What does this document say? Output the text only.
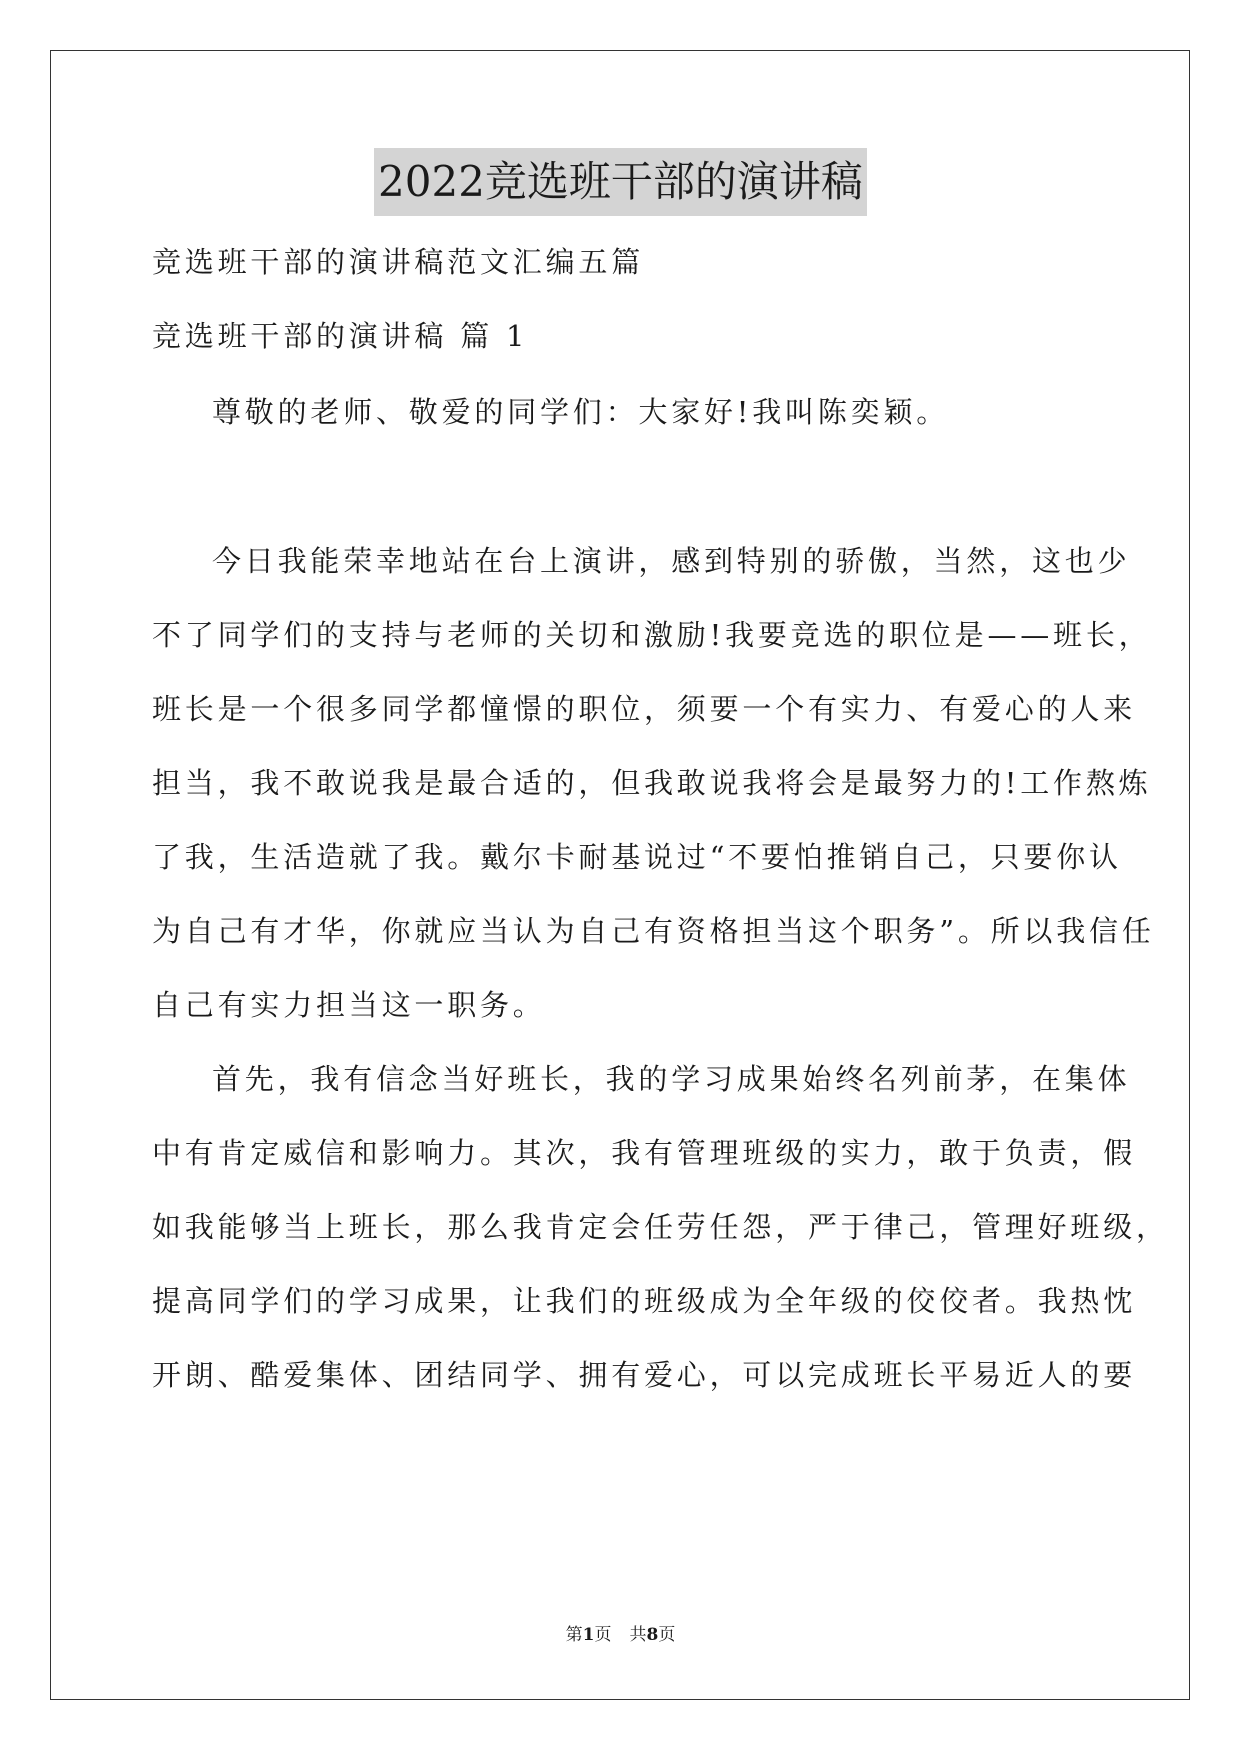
2022竞选班干部的演讲稿
竞选班干部的演讲稿范文汇编五篇
竞选班干部的演讲稿 篇 1
尊敬的老师、敬爱的同学们：大家好!我叫陈奕颖。
今日我能荣幸地站在台上演讲，感到特别的骄傲，当然，这也少
不了同学们的支持与老师的关切和激励!我要竞选的职位是——班长，
班长是一个很多同学都憧憬的职位，须要一个有实力、有爱心的人来
担当，我不敢说我是最合适的，但我敢说我将会是最努力的!工作熬炼
了我，生活造就了我。戴尔卡耐基说过“不要怕推销自己，只要你认
为自己有才华，你就应当认为自己有资格担当这个职务”。所以我信任
自己有实力担当这一职务。
首先，我有信念当好班长，我的学习成果始终名列前茅，在集体
中有肯定威信和影响力。其次，我有管理班级的实力，敢于负责，假
如我能够当上班长，那么我肯定会任劳任怨，严于律己，管理好班级，
提高同学们的学习成果，让我们的班级成为全年级的佼佼者。我热忱
开朗、酷爱集体、团结同学、拥有爱心，可以完成班长平易近人的要
第1页 共8页
